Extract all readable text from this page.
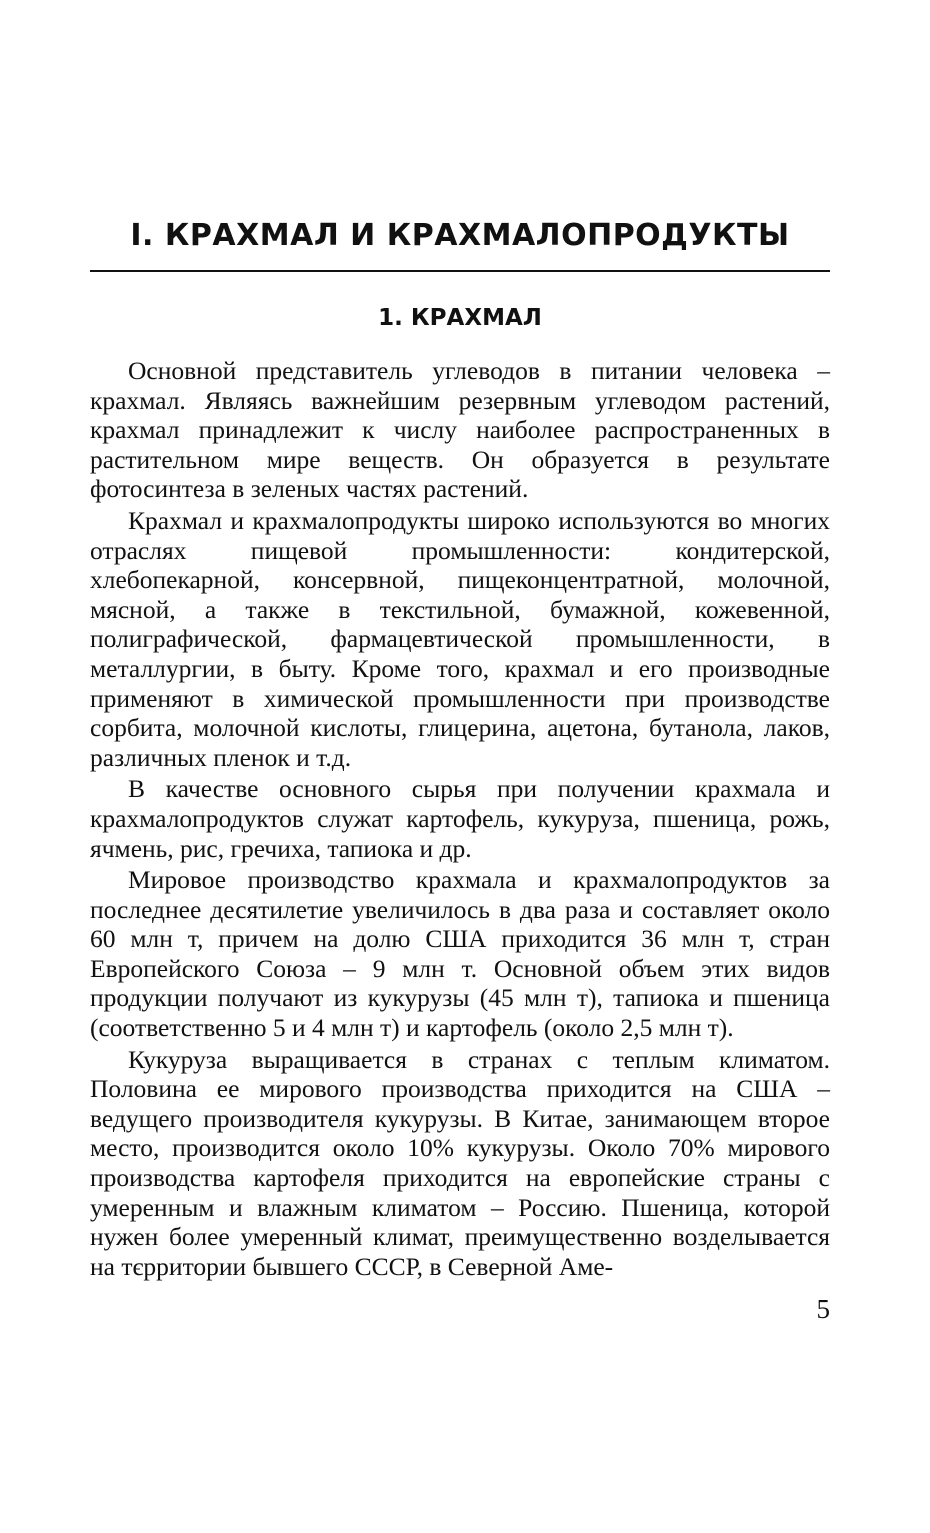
I. КРАХМАЛ И КРАХМАЛОПРОДУКТЫ
1. КРАХМАЛ

Основной представитель углеводов в питании человека – крахмал. Являясь важнейшим резервным углеводом растений, крахмал принадлежит к числу наиболее распространенных в растительном мире веществ. Он образуется в результате фотосинтеза в зеленых частях растений.

Крахмал и крахмалопродукты широко используются во многих отраслях пищевой промышленности: кондитерской, хлебопекарной, консервной, пищеконцентратной, молочной, мясной, а также в текстильной, бумажной, кожевенной, полиграфической, фармацевтической промышленности, в металлургии, в быту. Кроме того, крахмал и его производные применяют в химической промышленности при производстве сорбита, молочной кислоты, глицерина, ацетона, бутанола, лаков, различных пленок и т.д.

В качестве основного сырья при получении крахмала и крахмалопродуктов служат картофель, кукуруза, пшеница, рожь, ячмень, рис, гречиха, тапиока и др.

Мировое производство крахмала и крахмалопродуктов за последнее десятилетие увеличилось в два раза и составляет около 60 млн т, причем на долю США приходится 36 млн т, стран Европейского Союза – 9 млн т. Основной объем этих видов продукции получают из кукурузы (45 млн т), тапиока и пшеница (соответственно 5 и 4 млн т) и картофель (около 2,5 млн т).

Кукуруза выращивается в странах с теплым климатом. Половина ее мирового производства приходится на США – ведущего производителя кукурузы. В Китае, занимающем второе место, производится около 10% кукурузы. Около 70% мирового производства картофеля приходится на европейские страны с умеренным и влажным климатом – Россию. Пшеница, которой нужен более умеренный климат, преимущественно возделывается на тєрритории бывшего СССР, в Северной Аме-

5
